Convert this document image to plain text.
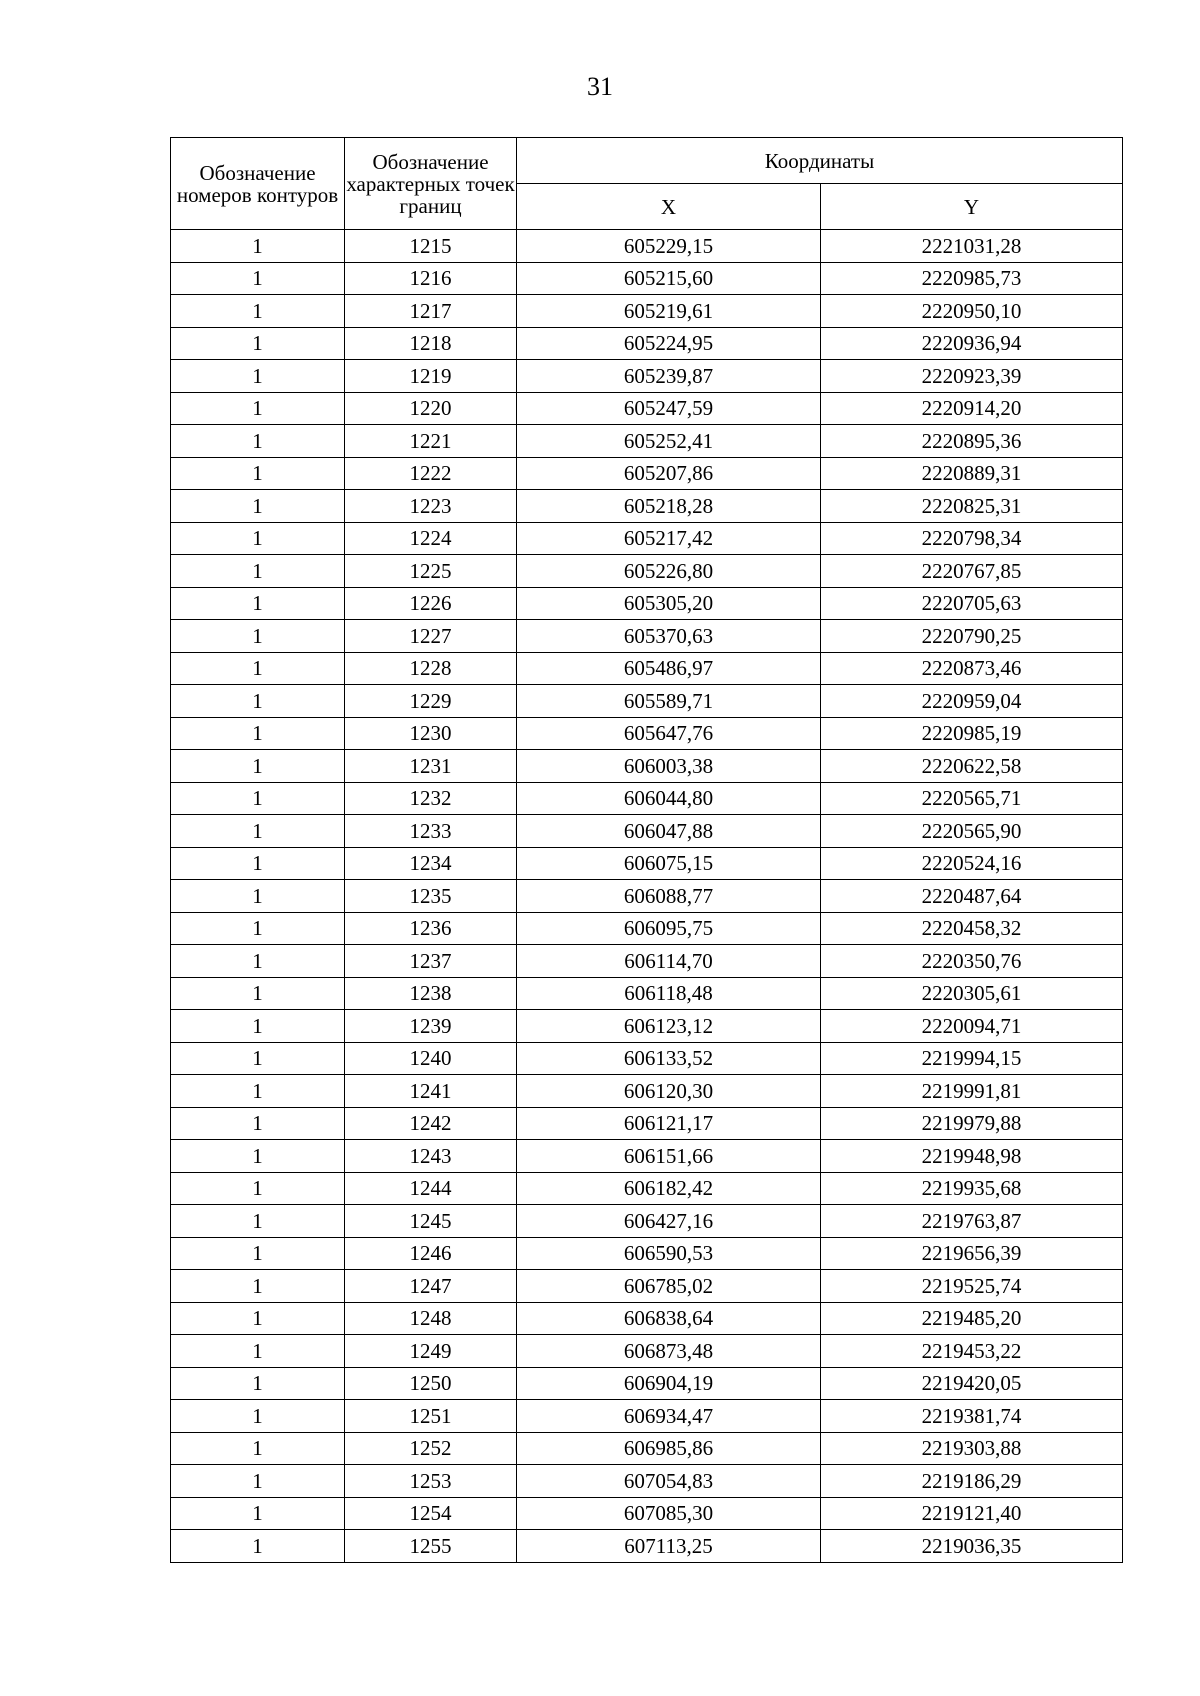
31
Обозначение номеров контуров	Обозначение характерных точек границ	Координаты	
		X	Y
1	1215	605229,15	2221031,28
1	1216	605215,60	2220985,73
1	1217	605219,61	2220950,10
1	1218	605224,95	2220936,94
1	1219	605239,87	2220923,39
1	1220	605247,59	2220914,20
1	1221	605252,41	2220895,36
1	1222	605207,86	2220889,31
1	1223	605218,28	2220825,31
1	1224	605217,42	2220798,34
1	1225	605226,80	2220767,85
1	1226	605305,20	2220705,63
1	1227	605370,63	2220790,25
1	1228	605486,97	2220873,46
1	1229	605589,71	2220959,04
1	1230	605647,76	2220985,19
1	1231	606003,38	2220622,58
1	1232	606044,80	2220565,71
1	1233	606047,88	2220565,90
1	1234	606075,15	2220524,16
1	1235	606088,77	2220487,64
1	1236	606095,75	2220458,32
1	1237	606114,70	2220350,76
1	1238	606118,48	2220305,61
1	1239	606123,12	2220094,71
1	1240	606133,52	2219994,15
1	1241	606120,30	2219991,81
1	1242	606121,17	2219979,88
1	1243	606151,66	2219948,98
1	1244	606182,42	2219935,68
1	1245	606427,16	2219763,87
1	1246	606590,53	2219656,39
1	1247	606785,02	2219525,74
1	1248	606838,64	2219485,20
1	1249	606873,48	2219453,22
1	1250	606904,19	2219420,05
1	1251	606934,47	2219381,74
1	1252	606985,86	2219303,88
1	1253	607054,83	2219186,29
1	1254	607085,30	2219121,40
1	1255	607113,25	2219036,35
